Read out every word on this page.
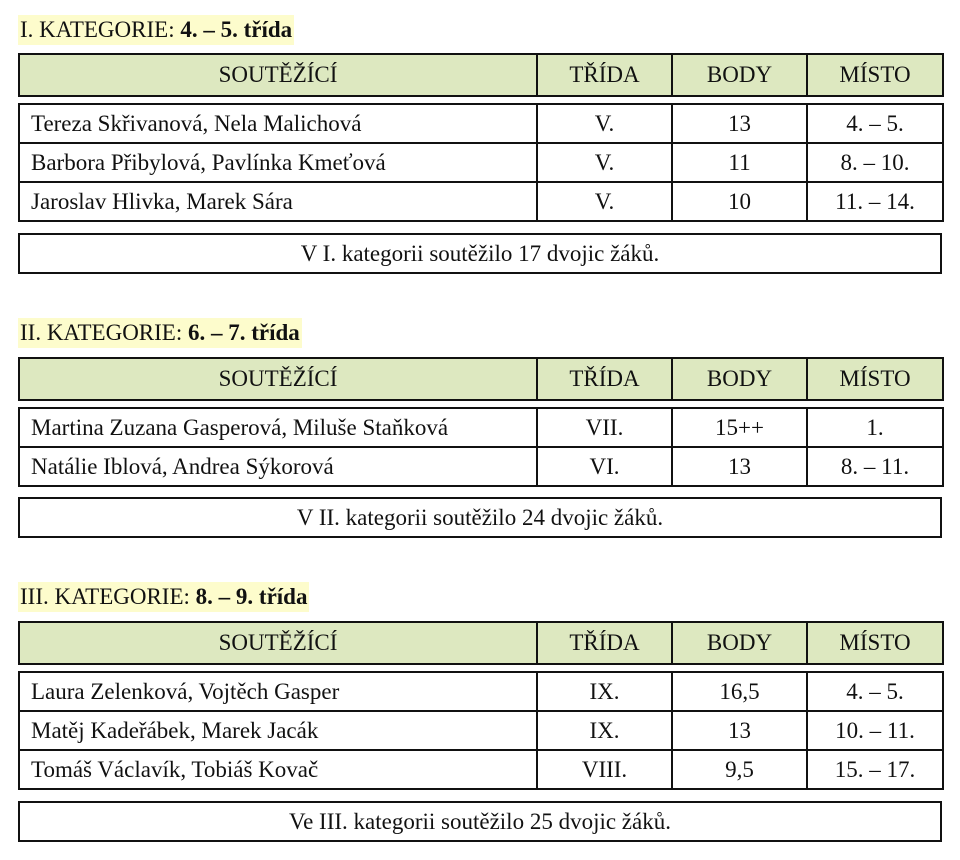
I. KATEGORIE: 4. – 5. třída
SOUTĚŽÍCÍ	TŘÍDA	BODY	MÍSTO

Tereza Skřivanová, Nela Malichová	V.	13	4. – 5.
Barbora Přibylová, Pavlínka Kmeťová	V.	11	8. – 10.
Jaroslav Hlivka, Marek Sára	V.	10	11. – 14.
V I. kategorii soutěžilo 17 dvojic žáků.
II. KATEGORIE: 6. – 7. třída
SOUTĚŽÍCÍ	TŘÍDA	BODY	MÍSTO

Martina Zuzana Gasperová, Miluše Staňková	VII.	15++	1.
Natálie Iblová, Andrea Sýkorová	VI.	13	8. – 11.
V II. kategorii soutěžilo 24 dvojic žáků.
III. KATEGORIE: 8. – 9. třída
SOUTĚŽÍCÍ	TŘÍDA	BODY	MÍSTO

Laura Zelenková, Vojtěch Gasper	IX.	16,5	4. – 5.
Matěj Kadeřábek, Marek Jacák	IX.	13	10. – 11.
Tomáš Václavík, Tobiáš Kovač	VIII.	9,5	15. – 17.
Ve III. kategorii soutěžilo 25 dvojic žáků.
